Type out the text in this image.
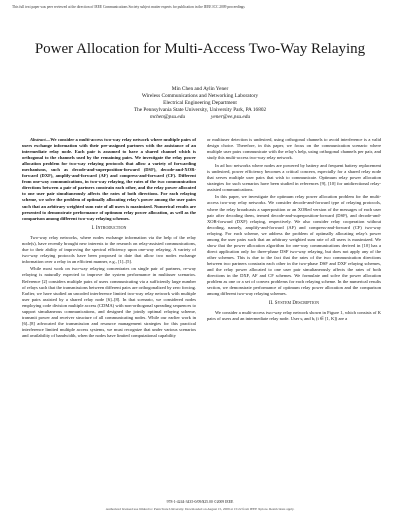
This full text paper was peer reviewed at the direction of IEEE Communications Society subject matter experts for publication in the IEEE ICC 2009 proceedings
Power Allocation for Multi-Access Two-Way Relaying
Min Chen and Aylin Yener
Wireless Communications and Networking Laboratory
Electrical Engineering Department
The Pennsylvania State University, University Park, PA 16802
mchen@psu.edu	yener@ee.psu.edu

Abstract—We consider a multi-access two-way relay network where multiple pairs of users exchange information with their pre-assigned partners with the assistance of an intermediate relay node. Each pair is assumed to have a shared channel which is orthogonal to the channels used by the remaining pairs. We investigate the relay power allocation problem for two-way relaying protocols that allow a variety of forwarding mechanisms, such as decode-and-superposition-forward (DSF), decode-and-XOR-forward (DXF), amplify-and-forward (AF) and compress-and-forward (CF). Different from one-way communications, in two-way relaying, the rates of the two communication directions between a pair of partners constrain each other, and the relay power allocated to one user pair simultaneously affects the rates of both directions. For each relaying scheme, we solve the problem of optimally allocating relay's power among the user pairs such that an arbitrary weighted sum rate of all users is maximized. Numerical results are presented to demonstrate performance of optimum relay power allocation, as well as the comparison among different two-way relaying schemes.

I. Introduction

Two-way relay networks, where nodes exchange information via the help of the relay node(s), have recently brought new interests to the research on relay-assisted communications, due to their ability of improving the spectral efficiency upon one-way relaying. A variety of two-way relaying protocols have been proposed to date that allow two nodes exchange information over a relay in an efficient manner, e.g., [1]–[5].

While most work on two-way relaying concentrates on single pair of partners, re-way relaying is naturally expected to improve the system performance in multiuser scenarios. Reference [2] considers multiple pairs of users communicating via a sufficiently large number of relays such that the transmissions between different pairs are orthogonalized by zero forcing. Earlier, we have studied an uncoded interference limited two-way relay network with multiple user pairs assisted by a shared relay node [6]–[8]. In that scenario, we considered nodes employing code division multiple access (CDMA) with non-orthogonal spreading sequences to support simultaneous communications, and designed the jointly optimal relaying scheme, transmit power and receiver structure of all communicating nodes. While our earlier work in [6]–[8] advocated the transmission and resource management strategies for this practical interference limited multiple access systems, we must recognize that under various scenarios and availability of bandwidth, when the nodes have limited computational capability

or multiuser detection is undesired, using orthogonal channels to avoid interference is a valid design choice. Therefore, in this paper, we focus on the communication scenario where multiple user pairs communicate with the relay's help, using orthogonal channels per pair, and study this multi-access two-way relay network.

In ad hoc networks where nodes are powered by battery and frequent battery replacement is undesired, power efficiency becomes a critical concern, especially for a shared relay node that serves multiple user pairs that wish to communicate. Optimum relay power allocation strategies for such scenarios have been studied in references [9], [10] for unidirectional relay-assisted communications.

In this paper, we investigate the optimum relay power allocation problem for the multi-access two-way relay networks. We consider decode-and-forward type of relaying protocols, where the relay broadcasts a superposition or an XORed version of the messages of each user pair after decoding them, termed decode-and-superposition-forward (DSF), and decode-and-XOR-forward (DXF) relaying, respectively. We also consider relay cooperation without decoding, namely, amplify-and-forward (AF) and compress-and-forward (CF) two-way relaying. For each scheme, we address the problem of optimally allocating relay's power among the user pairs such that an arbitrary weighted sum rate of all users is maximized. We show that the power allocation algorithm for one-way communications derived in [10] has a direct application only for three-phase DSF two-way relaying, but does not apply any of the other schemes. This is due to the fact that the rates of the two communication directions between two partners constrain each other in the two-phase DSF and DXF relaying schemes, and the relay power allocated to one user pair simultaneously affects the rates of both directions in the DXF, AF and CF schemes. We formulate and solve the power allocation problem as one or a set of convex problems for each relaying scheme. In the numerical results section, we demonstrate performance of optimum relay power allocation and the comparison among different two-way relaying schemes.

II. System Description

We consider a multi-access two-way relay network shown in Figure 1, which consists of K pairs of users and an intermediate relay node. User sᵢ and bᵢ (i ∈ [1, K]) are a

978-1-4244-3435-0/09/$25.00 ©2009 IEEE
Authorized licensed use limited to: Penn State University. Downloaded on August 15, 2009 at 15:22 from IEEE Xplore. Restrictions apply.
